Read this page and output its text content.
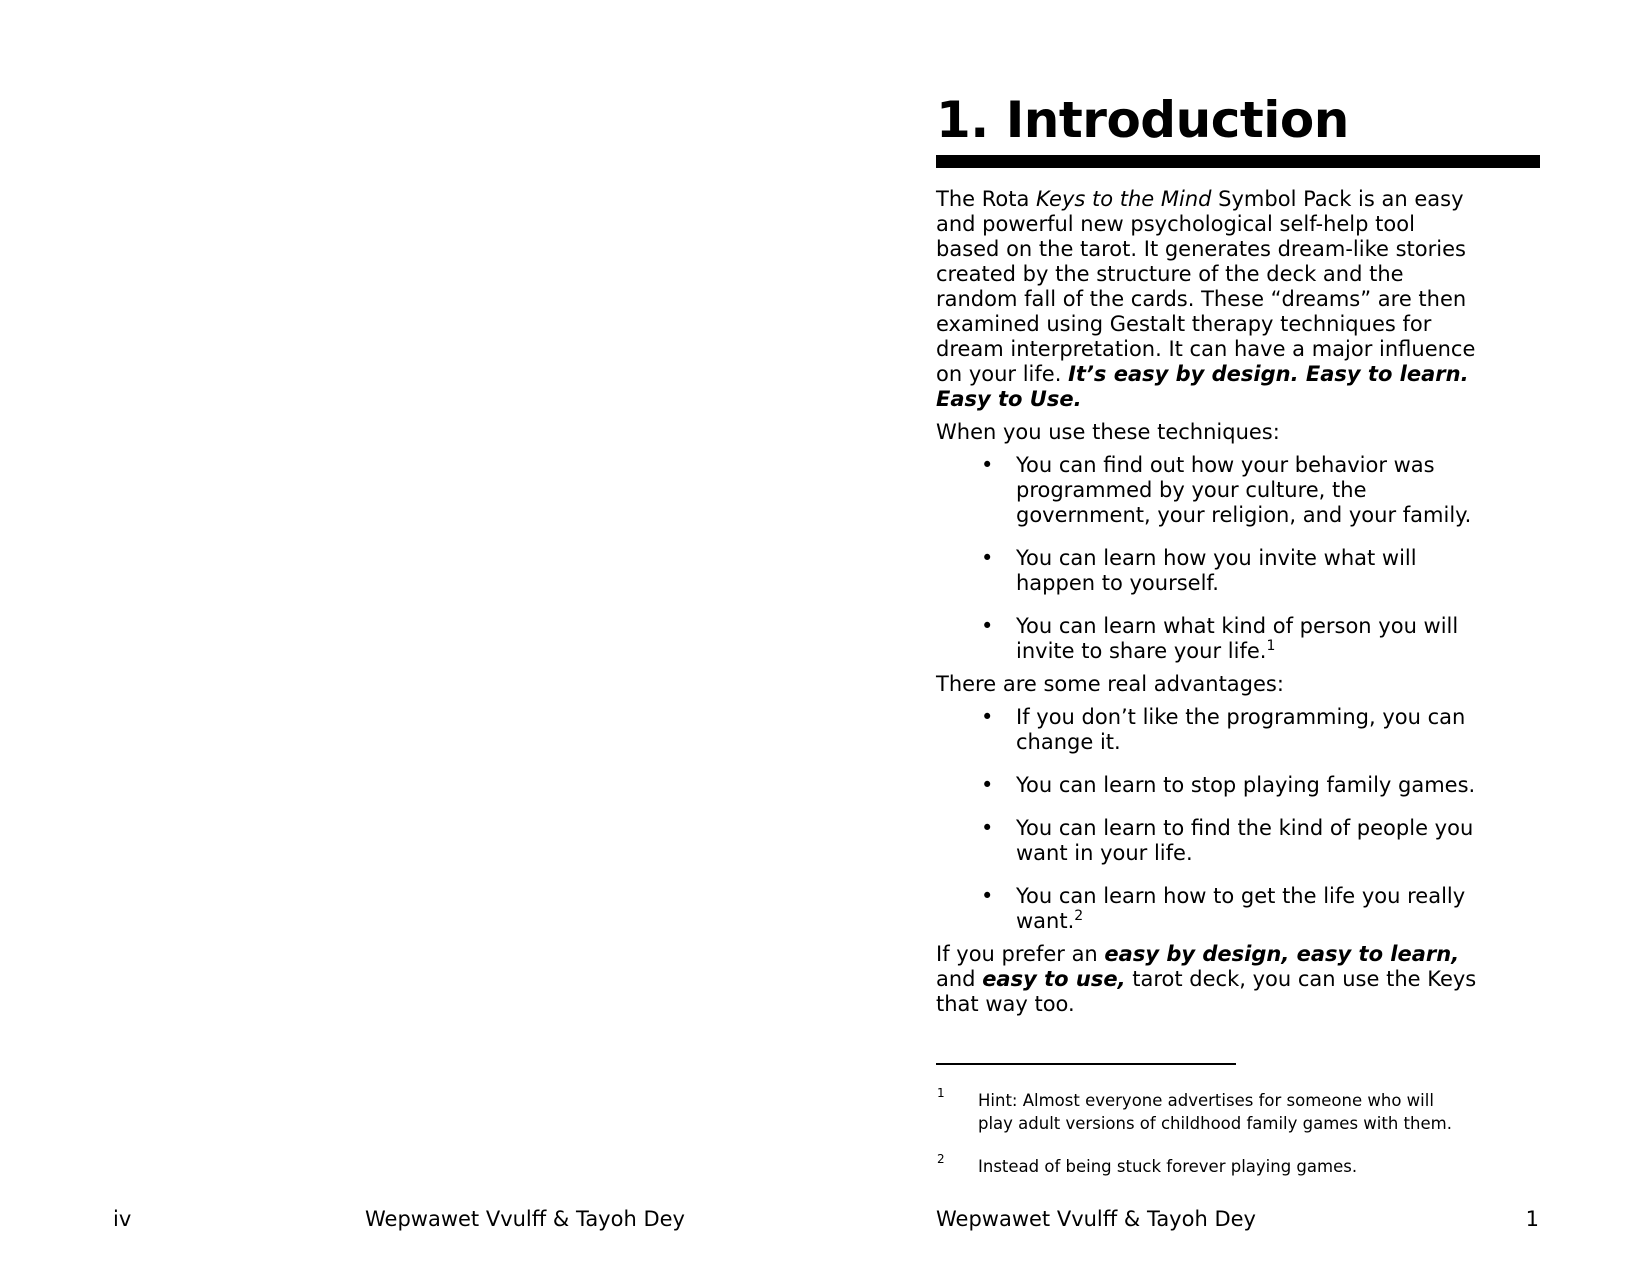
iv	Wepwawet Vvulff & Tayoh Dey
1. Introduction
The Rota Keys to the Mind Symbol Pack is an easy
and powerful new psychological self-help tool
based on the tarot. It generates dream-like stories
created by the structure of the deck and the
random fall of the cards. These “dreams” are then
examined using Gestalt therapy techniques for
dream interpretation. It can have a major influence
on your life. It’s easy by design. Easy to learn.
Easy to Use.
When you use these techniques:
• You can find out how your behavior was
programmed by your culture, the
government, your religion, and your family.
• You can learn how you invite what will
happen to yourself.
• You can learn what kind of person you will
invite to share your life.$^1$
There are some real advantages:
• If you don’t like the programming, you can
change it.
• You can learn to stop playing family games.
• You can learn to find the kind of people you
want in your life.
• You can learn how to get the life you really
want.$^2$
If you prefer an easy by design, easy to learn,
and easy to use, tarot deck, you can use the Keys
that way too.
1 Hint: Almost everyone advertises for someone who will
play adult versions of childhood family games with them.
2 Instead of being stuck forever playing games.
Wepwawet Vvulff & Tayoh Dey	1
